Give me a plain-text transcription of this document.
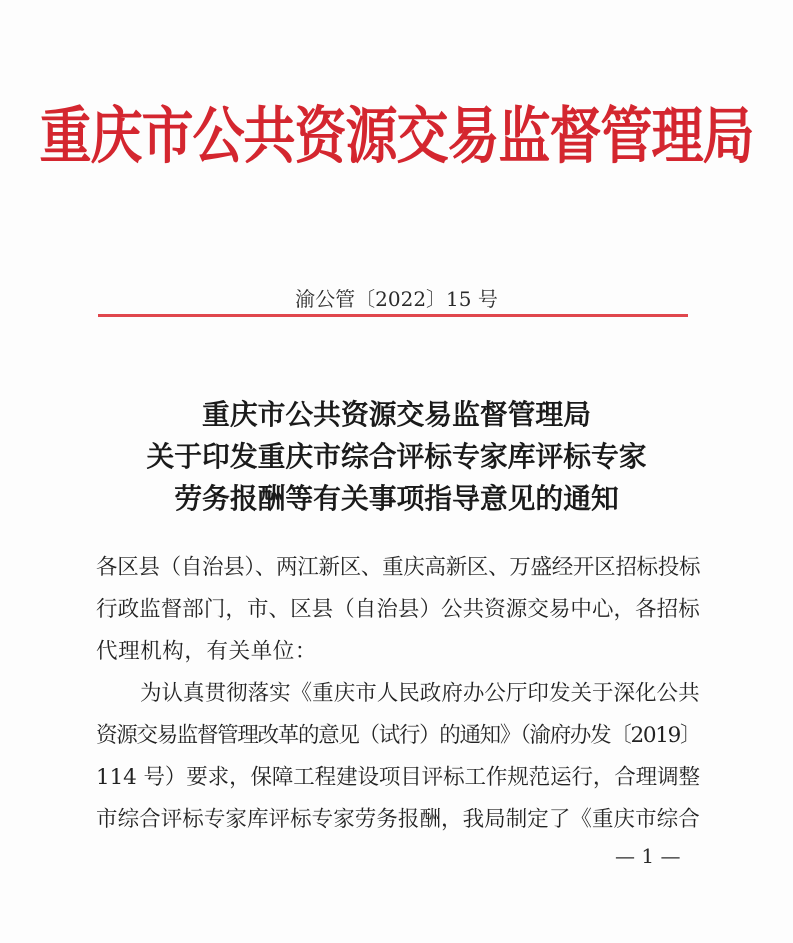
重庆市公共资源交易监督管理局
渝公管〔2022〕15 号
重庆市公共资源交易监督管理局
关于印发重庆市综合评标专家库评标专家
劳务报酬等有关事项指导意见的通知
各区县（自治县）、两江新区、重庆高新区、万盛经开区招标投标
行政监督部门，市、区县（自治县）公共资源交易中心，各招标
代理机构，有关单位：
为认真贯彻落实《重庆市人民政府办公厅印发关于深化公共
资源交易监督管理改革的意见（试行）的通知》（渝府办发〔2019〕
114 号）要求，保障工程建设项目评标工作规范运行，合理调整
市综合评标专家库评标专家劳务报酬，我局制定了《重庆市综合
— 1 —
